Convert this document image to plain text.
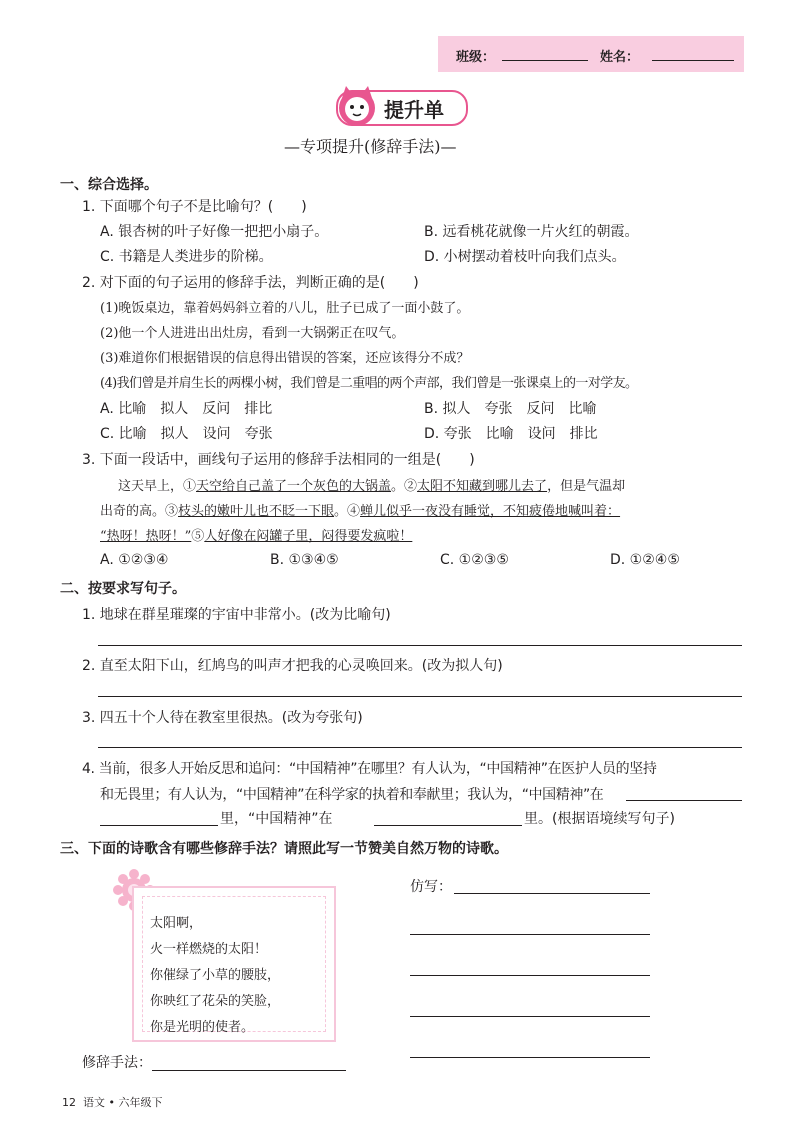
班级：	姓名：
提升单
—专项提升(修辞手法)—
一、综合选择。
1. 下面哪个句子不是比喻句？(　　)
A. 银杏树的叶子好像一把把小扇子。	B. 远看桃花就像一片火红的朝霞。
C. 书籍是人类进步的阶梯。	D. 小树摆动着枝叶向我们点头。
2. 对下面的句子运用的修辞手法，判断正确的是(　　)
(1)晚饭桌边，靠着妈妈斜立着的八儿，肚子已成了一面小鼓了。
(2)他一个人进进出出灶房，看到一大锅粥正在叹气。
(3)难道你们根据错误的信息得出错误的答案，还应该得分不成？
(4)我们曾是并肩生长的两棵小树，我们曾是二重唱的两个声部，我们曾是一张课桌上的一对学友。
A. 比喻　拟人　反问　排比	B. 拟人　夸张　反问　比喻
C. 比喻　拟人　设问　夸张	D. 夸张　比喻　设问　排比
3. 下面一段话中，画线句子运用的修辞手法相同的一组是(　　)
这天早上，①天空给自己盖了一个灰色的大锅盖。②太阳不知藏到哪儿去了，但是气温却
出奇的高。③枝头的嫩叶儿也不眨一下眼。④蝉儿似乎一夜没有睡觉，不知疲倦地喊叫着：
“热呀！热呀！”⑤人好像在闷罐子里，闷得要发疯啦！
A. ①②③④	B. ①③④⑤	C. ①②③⑤	D. ①②④⑤
二、按要求写句子。
1. 地球在群星璀璨的宇宙中非常小。(改为比喻句)
2. 直至太阳下山，红鸠鸟的叫声才把我的心灵唤回来。(改为拟人句)
3. 四五十个人待在教室里很热。(改为夸张句)
4. 当前，很多人开始反思和追问：“中国精神”在哪里？有人认为，“中国精神”在医护人员的坚持
和无畏里；有人认为，“中国精神”在科学家的执着和奉献里；我认为，“中国精神”在
里，“中国精神”在	里。(根据语境续写句子)
三、下面的诗歌含有哪些修辞手法？请照此写一节赞美自然万物的诗歌。
太阳啊，
火一样燃烧的太阳！
你催绿了小草的腰肢，
你映红了花朵的笑脸，
你是光明的使者。
修辞手法：
仿写：
12 语文 • 六年级下
